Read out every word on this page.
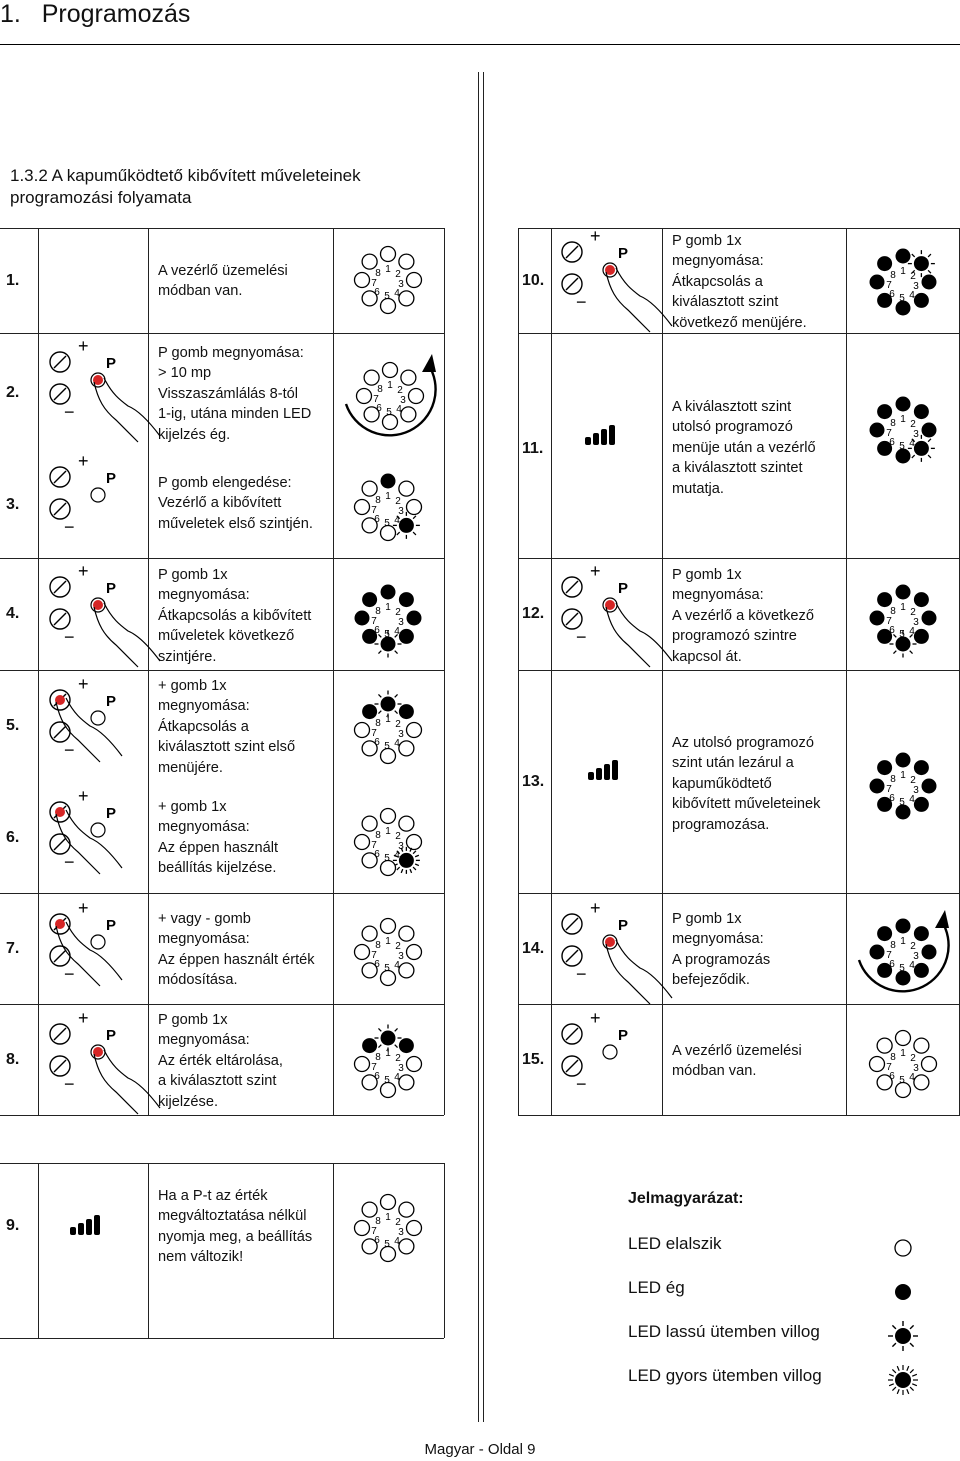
1. Programozás
1.3.2 A kapuműködtető kibővített műveleteinek
programozási folyamata
1.
A vezérlő üzemelési
módban van.
2.
P gomb megnyomása:
> 10 mp
Visszaszámlálás 8-tól
1-ig, utána minden LED
kijelzés ég.
3.
P gomb elengedése:
Vezérlő a kibővített
műveletek első szintjén.
4.
P gomb 1x
megnyomása:
Átkapcsolás a kibővített
műveletek következő
szintjére.
5.
+ gomb 1x
megnyomása:
Átkapcsolás a
kiválasztott szint első
menüjére.
6.
+ gomb 1x
megnyomása:
Az éppen használt
beállítás kijelzése.
7.
+ vagy - gomb
megnyomása:
Az éppen használt érték
módosítása.
8.
P gomb 1x
megnyomása:
Az érték eltárolása,
a kiválasztott szint
kijelzése.
9.
Ha a P-t az érték
megváltoztatása nélkül
nyomja meg, a beállítás
nem változik!
10.
P gomb 1x
megnyomása:
Átkapcsolás a
kiválasztott szint
következő menüjére.
11.
A kiválasztott szint
utolsó programozó
menüje után a vezérlő
a kiválasztott szintet
mutatja.
12.
P gomb 1x
megnyomása:
A vezérlő a következő
programozó szintre
kapcsol át.
13.
Az utolsó programozó
szint után lezárul a
kapuműködtető
kibővített műveleteinek
programozása.
14.
P gomb 1x
megnyomása:
A programozás
befejeződik.
15.	A vezérlő üzemelési
módban van.
Jelmagyarázat:
LED elalszik
LED ég
LED lassú ütemben villog
LED gyors ütemben villog
Magyar - Oldal 9
1 2
3
4
5
6
7
8
+
−
P
1 2
3
4
5
6
7
8
+
−
P
1 2
3
4
5
6
7
8
+
−
P
1 2
3
4
5
6
7
8
+
−
P
1 2
3
4
5
6
7
8
+
−
P
1 2
3
4
5
6
7
8
+
−
P
1 2
3
4
5
6
7
8
+
−
P
1 2
3
4
5
6
7
8
1 2
3
4
5
6
7
8
+
−
P
1 2
3
4
5
6
7
8
1 2
3
4
5
6
7
8
+
−
P
1 2
3
4
5
6
7
8
1 2
3
4
5
6
7
8
+
−
P
1 2
3
4
5
6
7
8
+
−
P
1 2
3
4
5
6
7
8
